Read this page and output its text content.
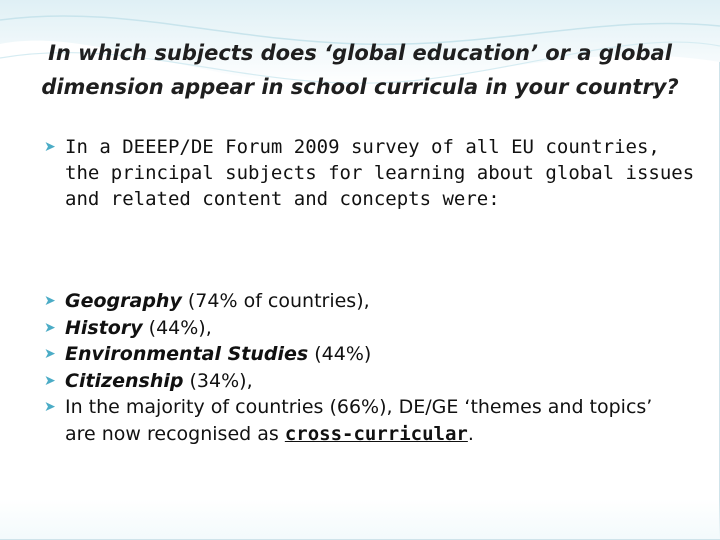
In which subjects does ‘global education’ or a global dimension appear in school curricula in your country?
➤ In a DEEEP/DE Forum 2009 survey of all EU countries, the principal subjects for learning about global issues and related content and concepts were:
➤ Geography (74% of countries),
➤ History (44%),
➤ Environmental Studies (44%)
➤ Citizenship (34%),
➤ In the majority of countries (66%), DE/GE ‘themes and topics’ are now recognised as cross-curricular.
